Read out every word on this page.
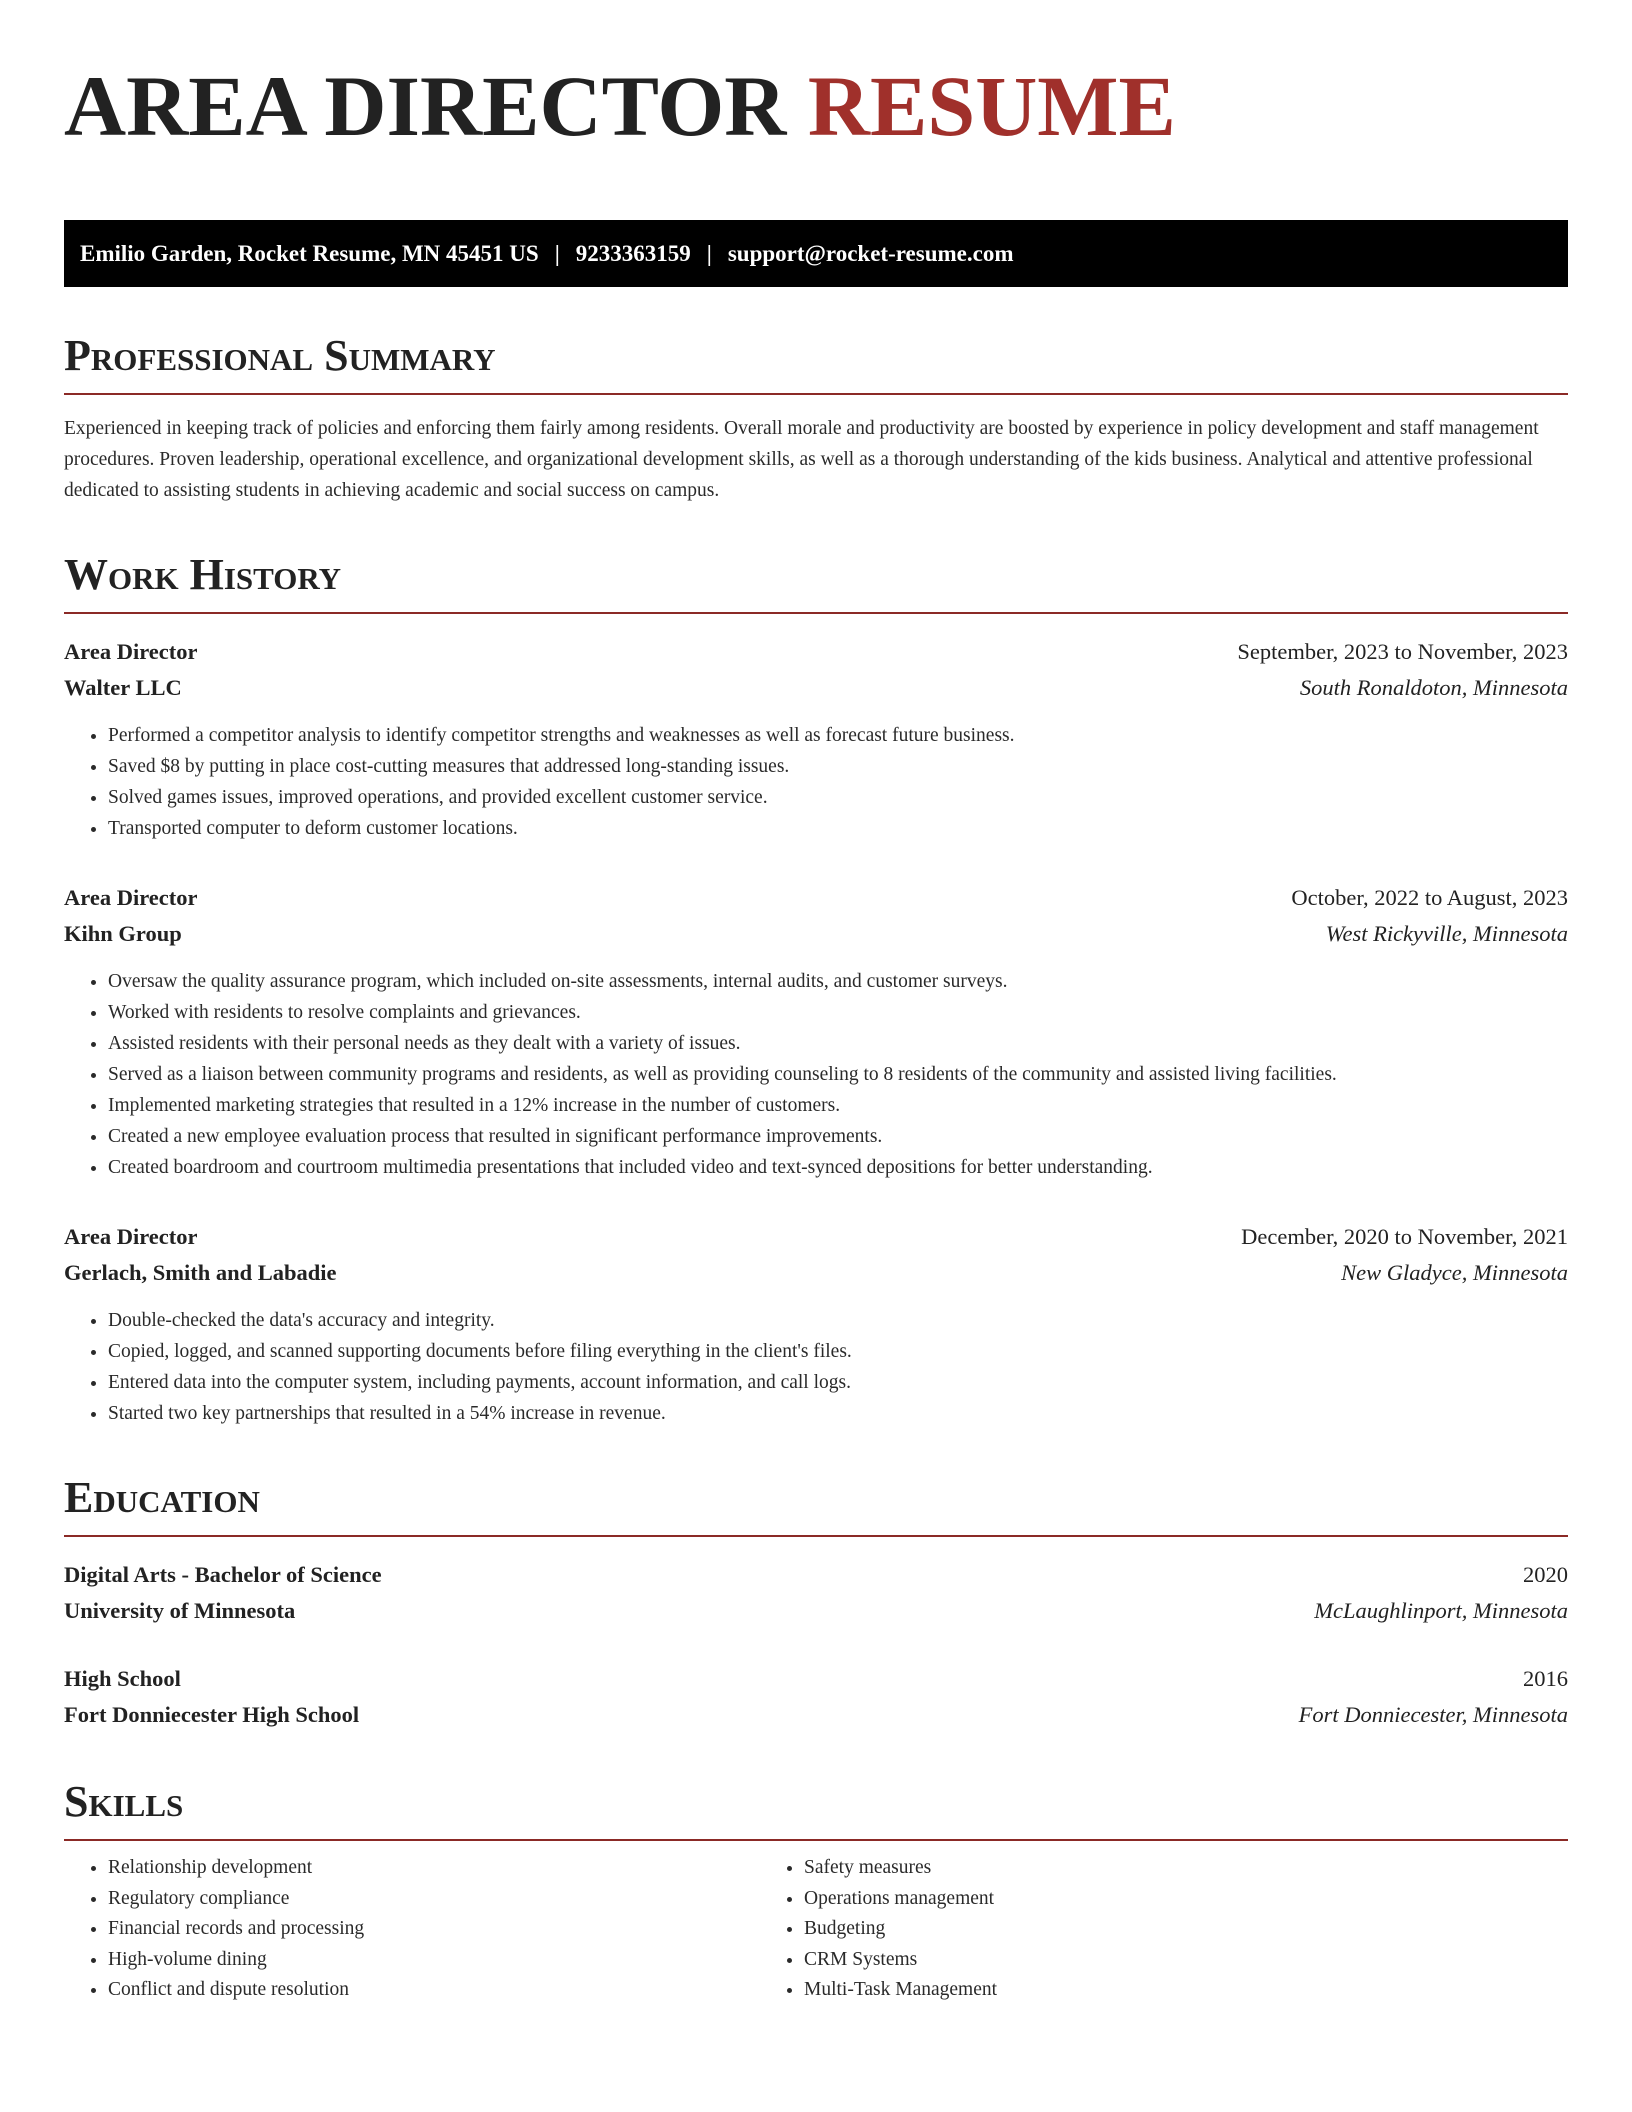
AREA DIRECTOR RESUME
Emilio Garden, Rocket Resume, MN 45451 US | 9233363159 | support@rocket-resume.com
Professional Summary

Experienced in keeping track of policies and enforcing them fairly among residents. Overall morale and productivity are boosted by experience in policy development and staff management procedures. Proven leadership, operational excellence, and organizational development skills, as well as a thorough understanding of the kids business. Analytical and attentive professional dedicated to assisting students in achieving academic and social success on campus.

Work History
Area Director	September, 2023 to November, 2023
Walter LLC	South Ronaldoton, Minnesota
• Performed a competitor analysis to identify competitor strengths and weaknesses as well as forecast future business.
• Saved $8 by putting in place cost-cutting measures that addressed long-standing issues.
• Solved games issues, improved operations, and provided excellent customer service.
• Transported computer to deform customer locations.
Area Director	October, 2022 to August, 2023
Kihn Group	West Rickyville, Minnesota
• Oversaw the quality assurance program, which included on-site assessments, internal audits, and customer surveys.
• Worked with residents to resolve complaints and grievances.
• Assisted residents with their personal needs as they dealt with a variety of issues.
• Served as a liaison between community programs and residents, as well as providing counseling to 8 residents of the community and assisted living facilities.
• Implemented marketing strategies that resulted in a 12% increase in the number of customers.
• Created a new employee evaluation process that resulted in significant performance improvements.
• Created boardroom and courtroom multimedia presentations that included video and text-synced depositions for better understanding.
Area Director	December, 2020 to November, 2021
Gerlach, Smith and Labadie	New Gladyce, Minnesota
• Double-checked the data's accuracy and integrity.
• Copied, logged, and scanned supporting documents before filing everything in the client's files.
• Entered data into the computer system, including payments, account information, and call logs.
• Started two key partnerships that resulted in a 54% increase in revenue.
Education
Digital Arts - Bachelor of Science	2020
University of Minnesota	McLaughlinport, Minnesota
High School	2016
Fort Donniecester High School	Fort Donniecester, Minnesota
Skills
• Relationship development
• Regulatory compliance
• Financial records and processing
• High-volume dining
• Conflict and dispute resolution
• Safety measures
• Operations management
• Budgeting
• CRM Systems
• Multi-Task Management
